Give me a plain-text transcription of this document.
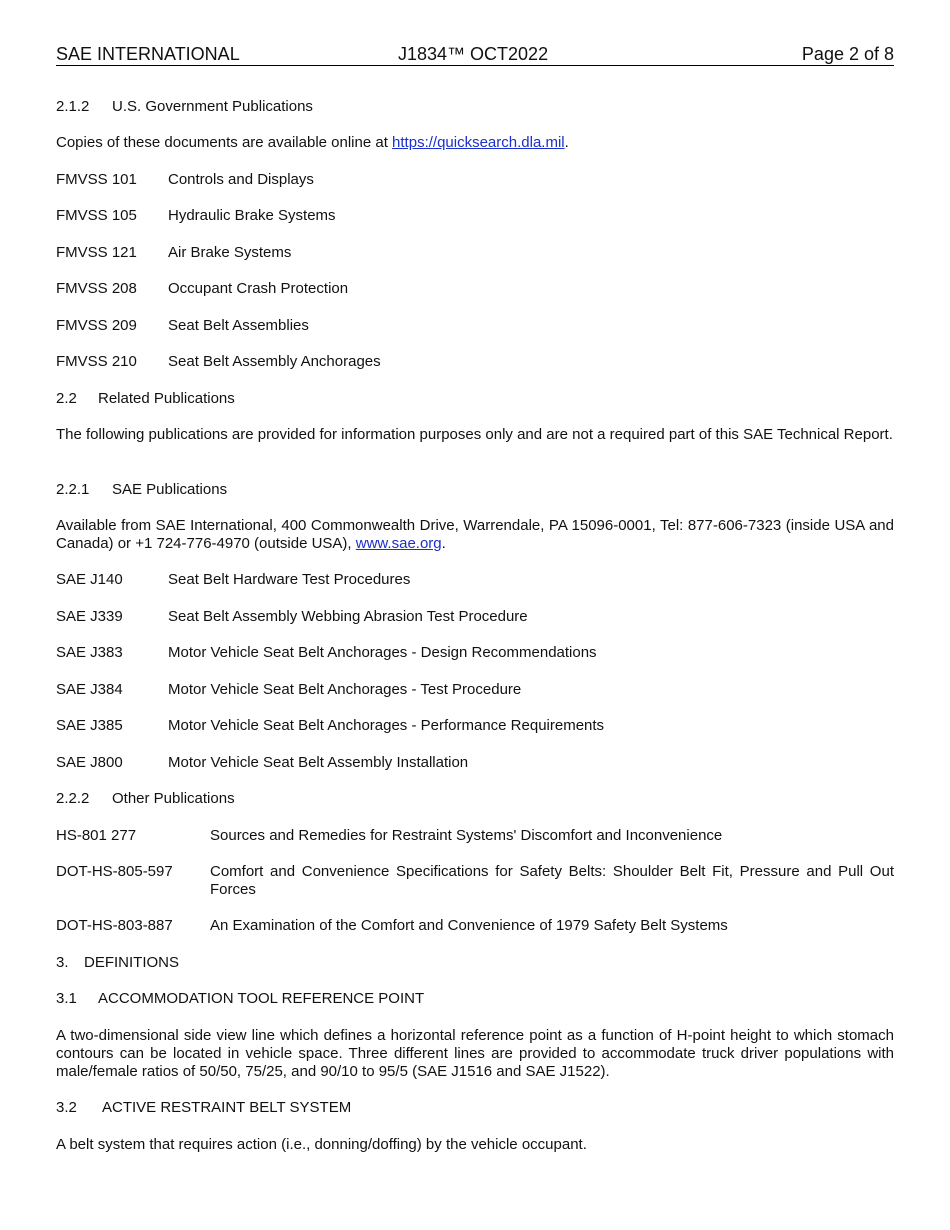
SAE INTERNATIONAL	J1834™ OCT2022	Page 2 of 8
2.1.2 U.S. Government Publications
Copies of these documents are available online at https://quicksearch.dla.mil.
FMVSS 101 Controls and Displays
FMVSS 105 Hydraulic Brake Systems
FMVSS 121 Air Brake Systems
FMVSS 208 Occupant Crash Protection
FMVSS 209 Seat Belt Assemblies
FMVSS 210 Seat Belt Assembly Anchorages
2.2 Related Publications
The following publications are provided for information purposes only and are not a required part of this SAE Technical Report.
2.2.1 SAE Publications
Available from SAE International, 400 Commonwealth Drive, Warrendale, PA 15096-0001, Tel: 877-606-7323 (inside USA and Canada) or +1 724-776-4970 (outside USA), www.sae.org.
SAE J140	Seat Belt Hardware Test Procedures
SAE J339	Seat Belt Assembly Webbing Abrasion Test Procedure
SAE J383	Motor Vehicle Seat Belt Anchorages - Design Recommendations
SAE J384	Motor Vehicle Seat Belt Anchorages - Test Procedure
SAE J385	Motor Vehicle Seat Belt Anchorages - Performance Requirements
SAE J800	Motor Vehicle Seat Belt Assembly Installation
2.2.2 Other Publications
HS-801 277	Sources and Remedies for Restraint Systems' Discomfort and Inconvenience
DOT-HS-805-597 Comfort and Convenience Specifications for Safety Belts: Shoulder Belt Fit, Pressure and Pull Out Forces
DOT-HS-803-887 An Examination of the Comfort and Convenience of 1979 Safety Belt Systems
3. DEFINITIONS
3.1 ACCOMMODATION TOOL REFERENCE POINT
A two-dimensional side view line which defines a horizontal reference point as a function of H-point height to which stomach contours can be located in vehicle space. Three different lines are provided to accommodate truck driver populations with male/female ratios of 50/50, 75/25, and 90/10 to 95/5 (SAE J1516 and SAE J1522).
3.2 ACTIVE RESTRAINT BELT SYSTEM
A belt system that requires action (i.e., donning/doffing) by the vehicle occupant.
